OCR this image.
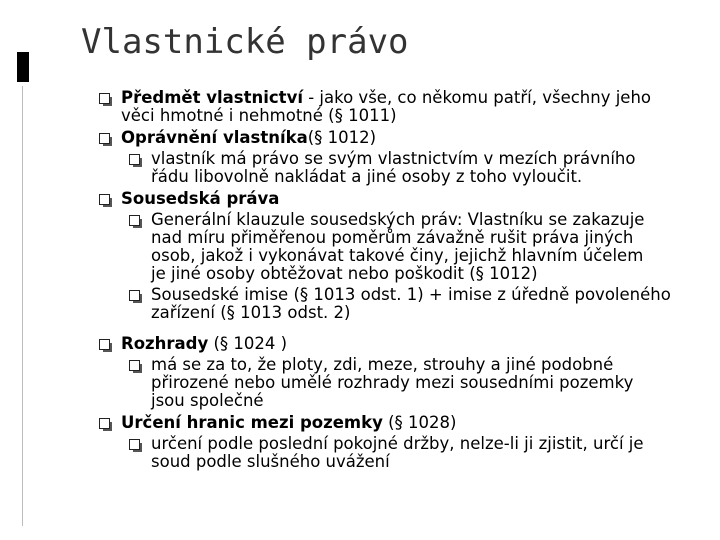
Vlastnické právo
Předmět vlastnictví - jako vše, co někomu patří, všechny jeho
věci hmotné i nehmotné (§ 1011)
Oprávnění vlastníka(§ 1012)
vlastník má právo se svým vlastnictvím v mezích právního
řádu libovolně nakládat a jiné osoby z toho vyloučit.
Sousedská práva
Generální klauzule sousedských práv: Vlastníku se zakazuje
nad míru přiměřenou poměrům závažně rušit práva jiných
osob, jakož i vykonávat takové činy, jejichž hlavním účelem
je jiné osoby obtěžovat nebo poškodit (§ 1012)
Sousedské imise (§ 1013 odst. 1) + imise z úředně povoleného
zařízení (§ 1013 odst. 2)
Rozhrady (§ 1024 )
má se za to, že ploty, zdi, meze, strouhy a jiné podobné
přirozené nebo umělé rozhrady mezi sousedními pozemky
jsou společné
Určení hranic mezi pozemky (§ 1028)
určení podle poslední pokojné držby, nelze-li ji zjistit, určí je
soud podle slušného uvážení
